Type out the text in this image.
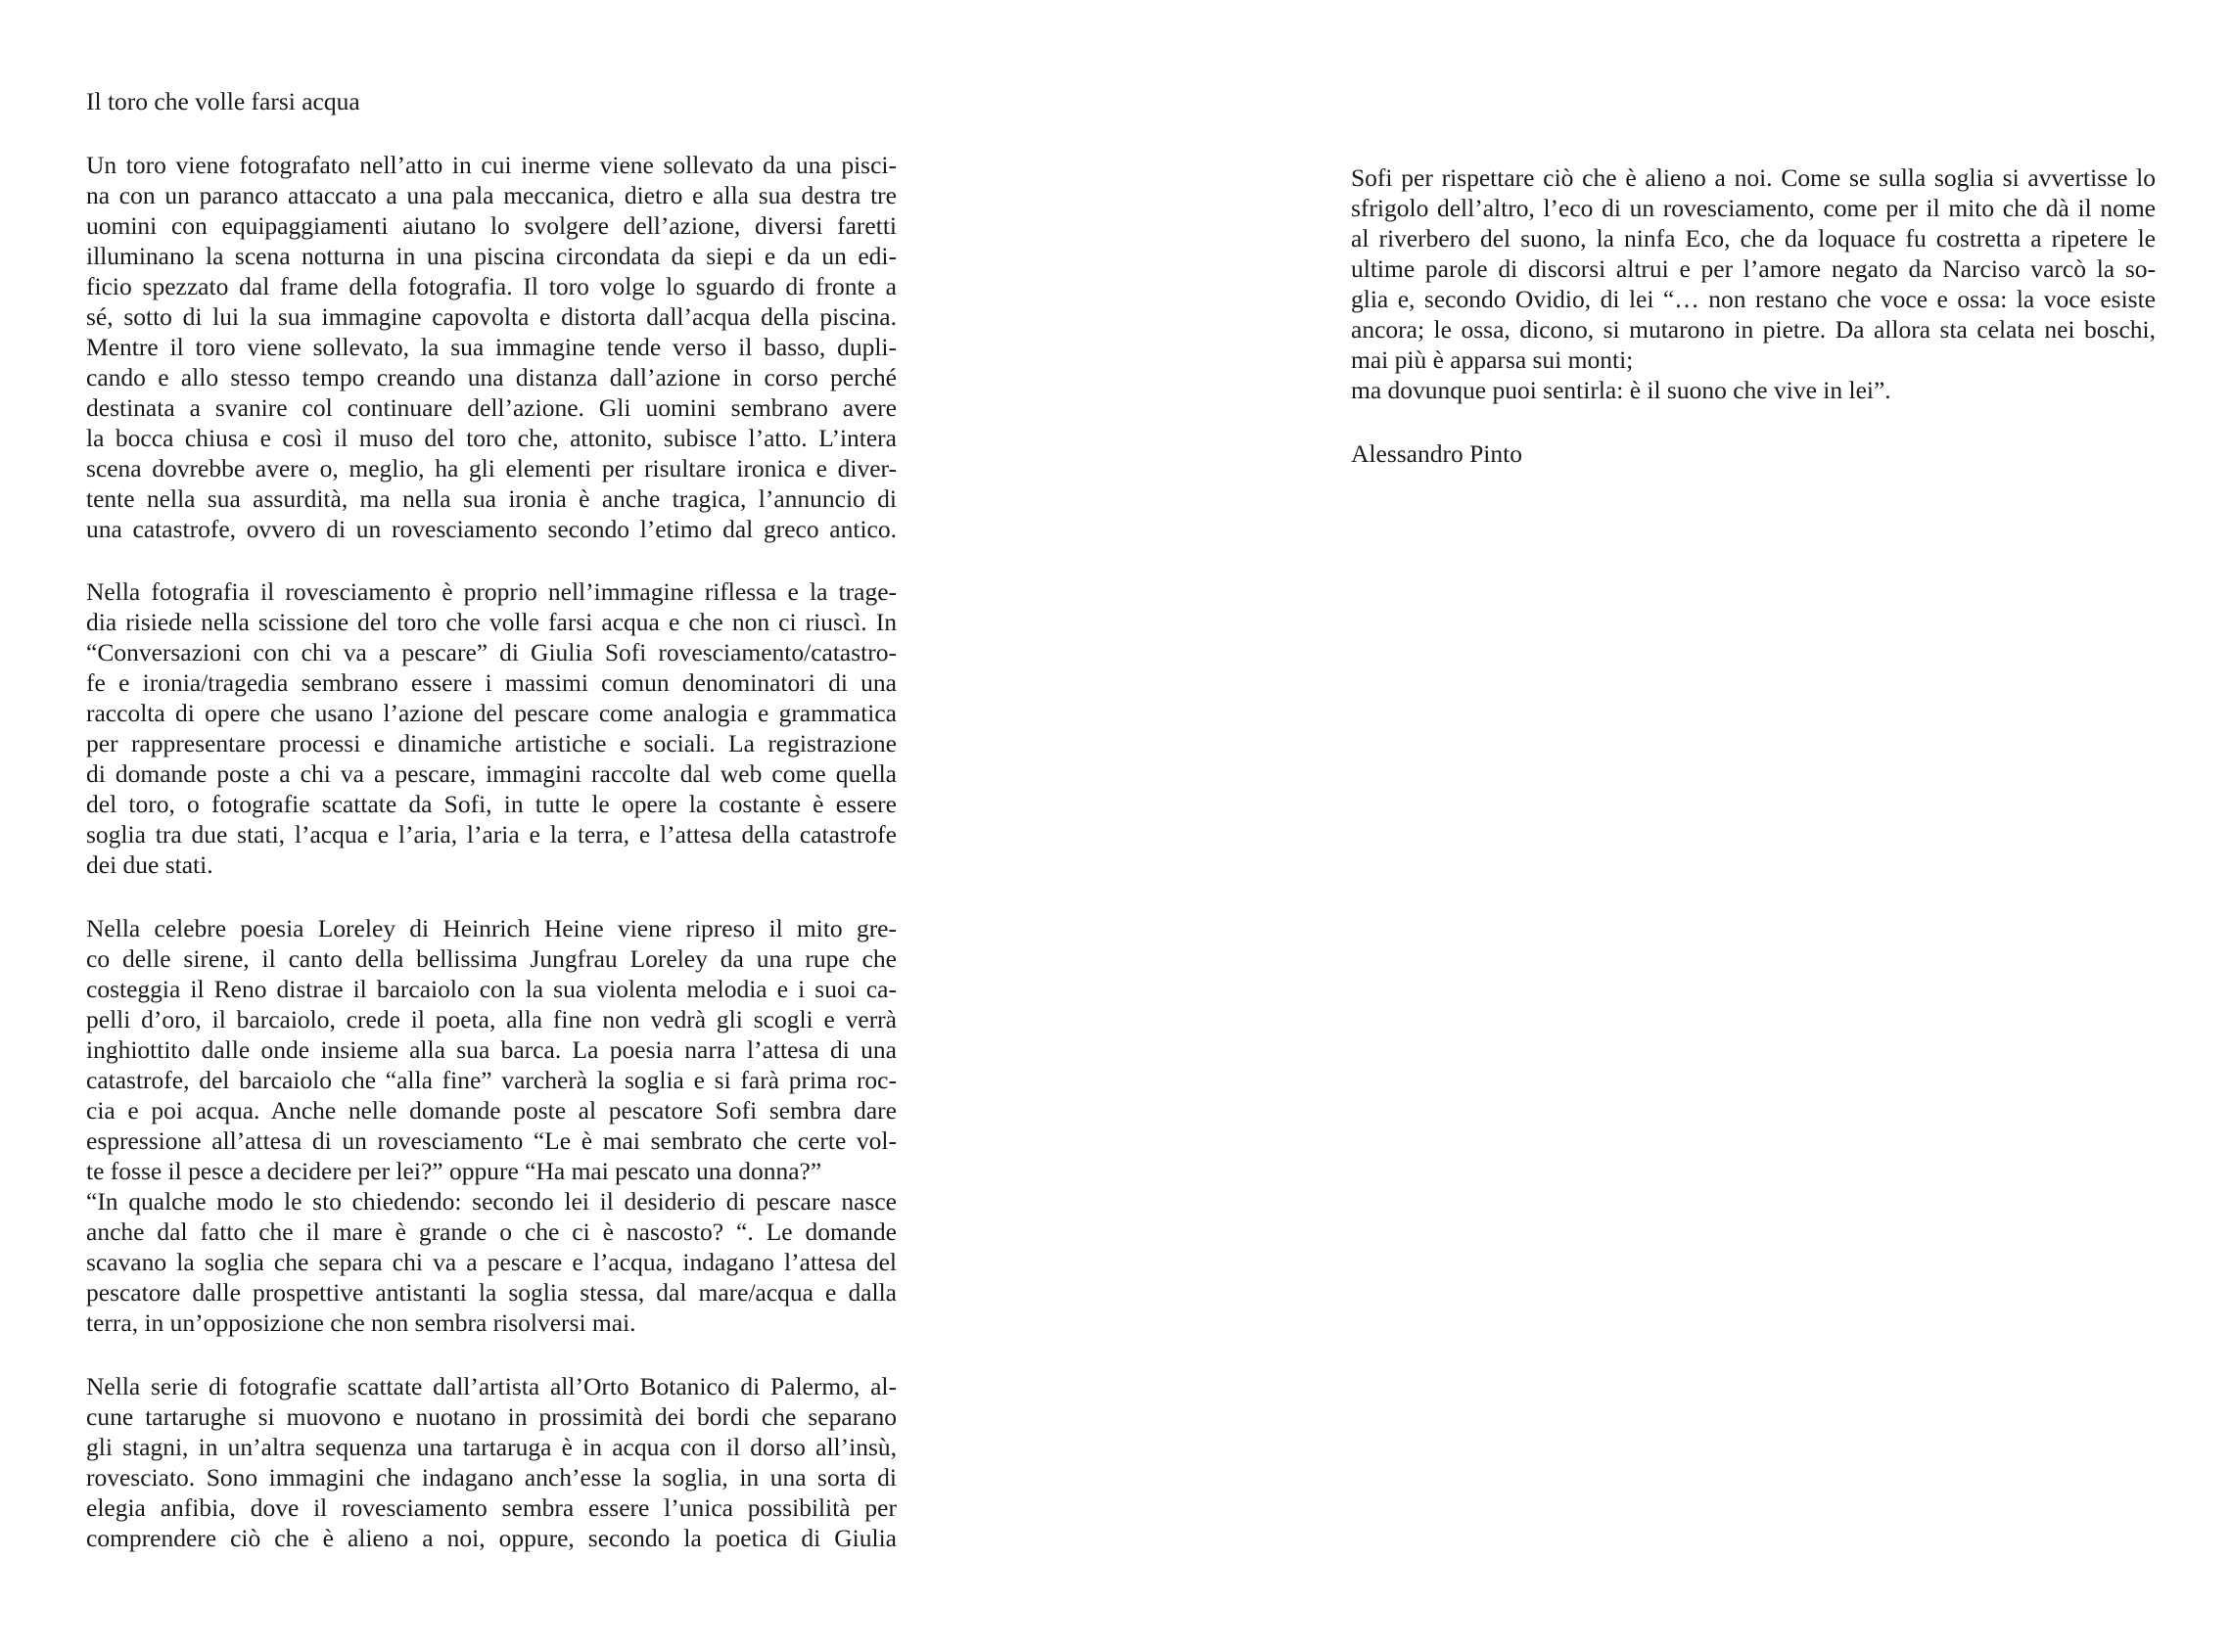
Il toro che volle farsi acqua
Un toro viene fotografato nell’atto in cui inerme viene sollevato da una pisci-
na con un paranco attaccato a una pala meccanica, dietro e alla sua destra tre
uomini con equipaggiamenti aiutano lo svolgere dell’azione, diversi faretti
illuminano la scena notturna in una piscina circondata da siepi e da un edi-
ficio spezzato dal frame della fotografia. Il toro volge lo sguardo di fronte a
sé, sotto di lui la sua immagine capovolta e distorta dall’acqua della piscina.
Mentre il toro viene sollevato, la sua immagine tende verso il basso, dupli-
cando e allo stesso tempo creando una distanza dall’azione in corso perché
destinata a svanire col continuare dell’azione. Gli uomini sembrano avere
la bocca chiusa e così il muso del toro che, attonito, subisce l’atto. L’intera
scena dovrebbe avere o, meglio, ha gli elementi per risultare ironica e diver-
tente nella sua assurdità, ma nella sua ironia è anche tragica, l’annuncio di
una catastrofe, ovvero di un rovesciamento secondo l’etimo dal greco antico.
Nella fotografia il rovesciamento è proprio nell’immagine riflessa e la trage-
dia risiede nella scissione del toro che volle farsi acqua e che non ci riuscì. In
“Conversazioni con chi va a pescare” di Giulia Sofi rovesciamento/catastro-
fe e ironia/tragedia sembrano essere i massimi comun denominatori di una
raccolta di opere che usano l’azione del pescare come analogia e grammatica
per rappresentare processi e dinamiche artistiche e sociali. La registrazione
di domande poste a chi va a pescare, immagini raccolte dal web come quella
del toro, o fotografie scattate da Sofi, in tutte le opere la costante è essere
soglia tra due stati, l’acqua e l’aria, l’aria e la terra, e l’attesa della catastrofe
dei due stati.
Nella celebre poesia Loreley di Heinrich Heine viene ripreso il mito gre-
co delle sirene, il canto della bellissima Jungfrau Loreley da una rupe che
costeggia il Reno distrae il barcaiolo con la sua violenta melodia e i suoi ca-
pelli d’oro, il barcaiolo, crede il poeta, alla fine non vedrà gli scogli e verrà
inghiottito dalle onde insieme alla sua barca. La poesia narra l’attesa di una
catastrofe, del barcaiolo che “alla fine” varcherà la soglia e si farà prima roc-
cia e poi acqua. Anche nelle domande poste al pescatore Sofi sembra dare
espressione all’attesa di un rovesciamento “Le è mai sembrato che certe vol-
te fosse il pesce a decidere per lei?” oppure “Ha mai pescato una donna?”
“In qualche modo le sto chiedendo: secondo lei il desiderio di pescare nasce
anche dal fatto che il mare è grande o che ci è nascosto? “. Le domande
scavano la soglia che separa chi va a pescare e l’acqua, indagano l’attesa del
pescatore dalle prospettive antistanti la soglia stessa, dal mare/acqua e dalla
terra, in un’opposizione che non sembra risolversi mai.
Nella serie di fotografie scattate dall’artista all’Orto Botanico di Palermo, al-
cune tartarughe si muovono e nuotano in prossimità dei bordi che separano
gli stagni, in un’altra sequenza una tartaruga è in acqua con il dorso all’insù,
rovesciato. Sono immagini che indagano anch’esse la soglia, in una sorta di
elegia anfibia, dove il rovesciamento sembra essere l’unica possibilità per
comprendere ciò che è alieno a noi, oppure, secondo la poetica di Giulia
Sofi per rispettare ciò che è alieno a noi. Come se sulla soglia si avvertisse lo
sfrigolo dell’altro, l’eco di un rovesciamento, come per il mito che dà il nome
al riverbero del suono, la ninfa Eco, che da loquace fu costretta a ripetere le
ultime parole di discorsi altrui e per l’amore negato da Narciso varcò la so-
glia e, secondo Ovidio, di lei “… non restano che voce e ossa: la voce esiste
ancora; le ossa, dicono, si mutarono in pietre. Da allora sta celata nei boschi,
mai più è apparsa sui monti;
ma dovunque puoi sentirla: è il suono che vive in lei”.
Alessandro Pinto
